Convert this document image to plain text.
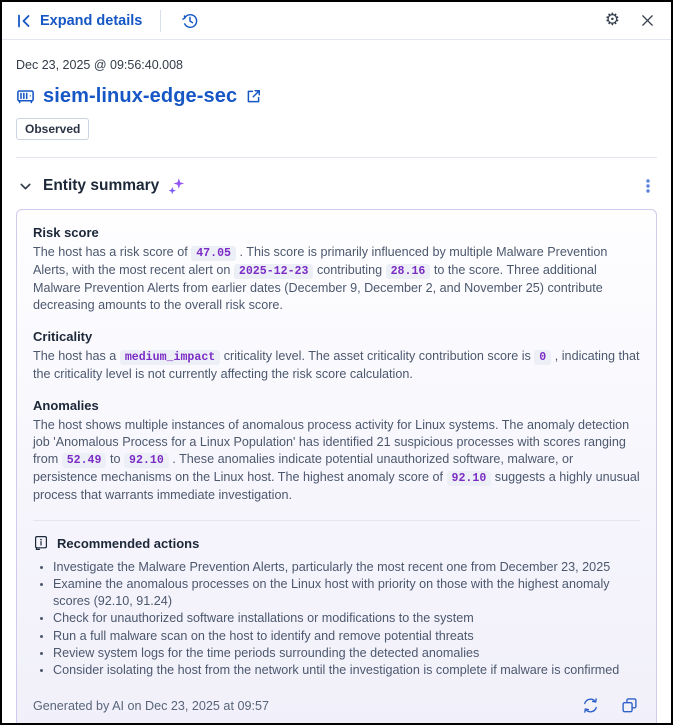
Expand details	⚙
Dec 23, 2025 @ 09:56:40.008
siem-linux-edge-sec
Observed
Entity summary
Risk score

The host has a risk score of 47.05 . This score is primarily influenced by multiple Malware Prevention Alerts, with the most recent alert on 2025-12-23 contributing 28.16 to the score. Three additional Malware Prevention Alerts from earlier dates (December 9, December 2, and November 25) contribute decreasing amounts to the overall risk score.

Criticality

The host has a medium_impact criticality level. The asset criticality contribution score is 0 , indicating that the criticality level is not currently affecting the risk score calculation.

Anomalies

The host shows multiple instances of anomalous process activity for Linux systems. The anomaly detection job 'Anomalous Process for a Linux Population' has identified 21 suspicious processes with scores ranging from 52.49 to 92.10 . These anomalies indicate potential unauthorized software, malware, or persistence mechanisms on the Linux host. The highest anomaly score of 92.10 suggests a highly unusual process that warrants immediate investigation.

Recommended actions
• Investigate the Malware Prevention Alerts, particularly the most recent one from December 23, 2025
• Examine the anomalous processes on the Linux host with priority on those with the highest anomaly scores (92.10, 91.24)
• Check for unauthorized software installations or modifications to the system
• Run a full malware scan on the host to identify and remove potential threats
• Review system logs for the time periods surrounding the detected anomalies
• Consider isolating the host from the network until the investigation is complete if malware is confirmed
Generated by AI on Dec 23, 2025 at 09:57
